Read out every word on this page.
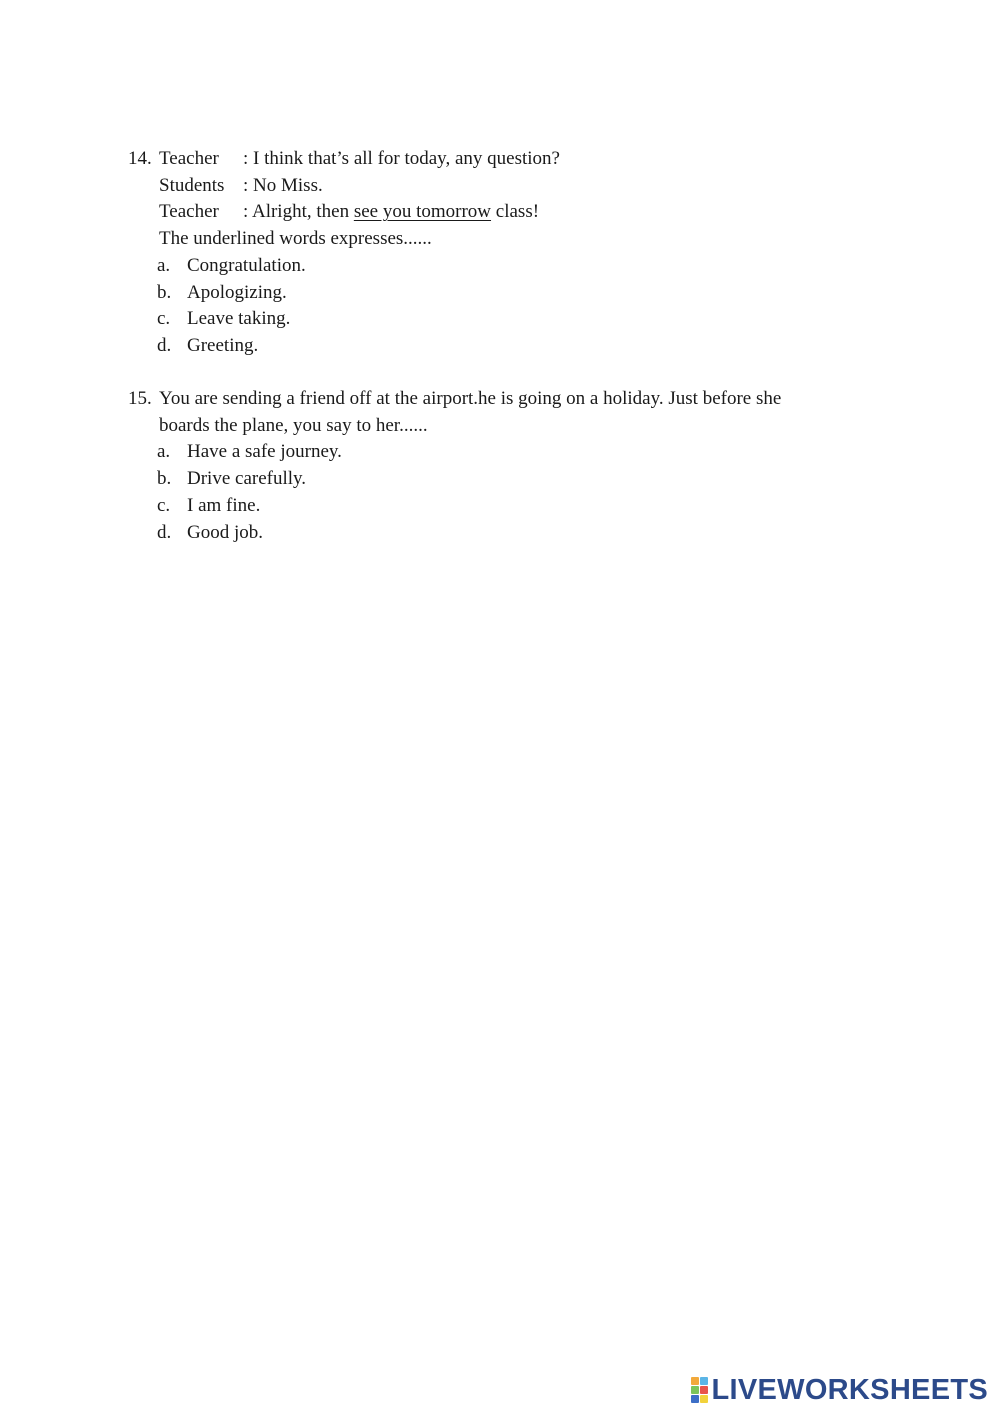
14. Teacher	: I think that’s all for today, any question?
Students : No Miss.
Teacher	: Alright, then see you tomorrow class!
The underlined words expresses......
a. Congratulation.
b. Apologizing.
c. Leave taking.
d. Greeting.
15. You are sending a friend off at the airport.he is going on a holiday. Just before she
boards the plane, you say to her......
a. Have a safe journey.
b. Drive carefully.
c. I am fine.
d. Good job.
LIVEWORKSHEETS
